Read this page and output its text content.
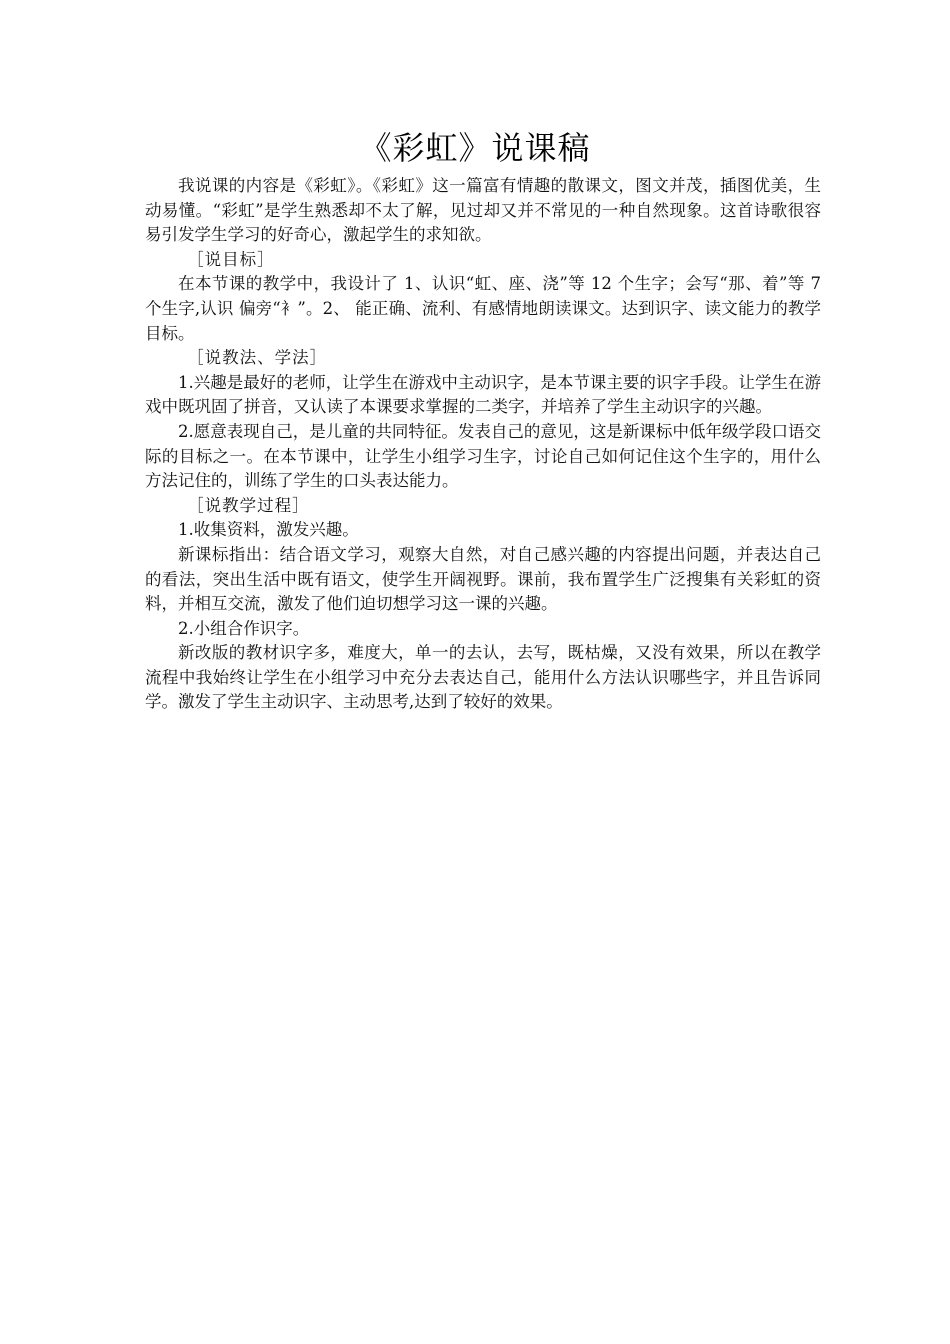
《彩虹》说课稿

我说课的内容是《彩虹》。《彩虹》这一篇富有情趣的散课文，图文并茂，插图优美，生动易懂。“彩虹”是学生熟悉却不太了解，见过却又并不常见的一种自然现象。这首诗歌很容易引发学生学习的好奇心，激起学生的求知欲。

［说目标］

在本节课的教学中，我设计了 1、认识“虹、座、浇”等 12 个生字；会写“那、着”等 7 个生字,认识 偏旁“衤”。2、 能正确、流利、有感情地朗读课文。达到识字、读文能力的教学目标。

［说教法、学法］

1.兴趣是最好的老师，让学生在游戏中主动识字，是本节课主要的识字手段。让学生在游戏中既巩固了拼音，又认读了本课要求掌握的二类字，并培养了学生主动识字的兴趣。

2.愿意表现自己，是儿童的共同特征。发表自己的意见，这是新课标中低年级学段口语交际的目标之一。在本节课中，让学生小组学习生字，讨论自己如何记住这个生字的，用什么方法记住的，训练了学生的口头表达能力。

［说教学过程］

1.收集资料，激发兴趣。

新课标指出：结合语文学习，观察大自然，对自己感兴趣的内容提出问题，并表达自己的看法，突出生活中既有语文，使学生开阔视野。课前，我布置学生广泛搜集有关彩虹的资料，并相互交流，激发了他们迫切想学习这一课的兴趣。

2.小组合作识字。

新改版的教材识字多，难度大，单一的去认，去写，既枯燥，又没有效果，所以在教学流程中我始终让学生在小组学习中充分去表达自己，能用什么方法认识哪些字，并且告诉同学。激发了学生主动识字、主动思考,达到了较好的效果。
